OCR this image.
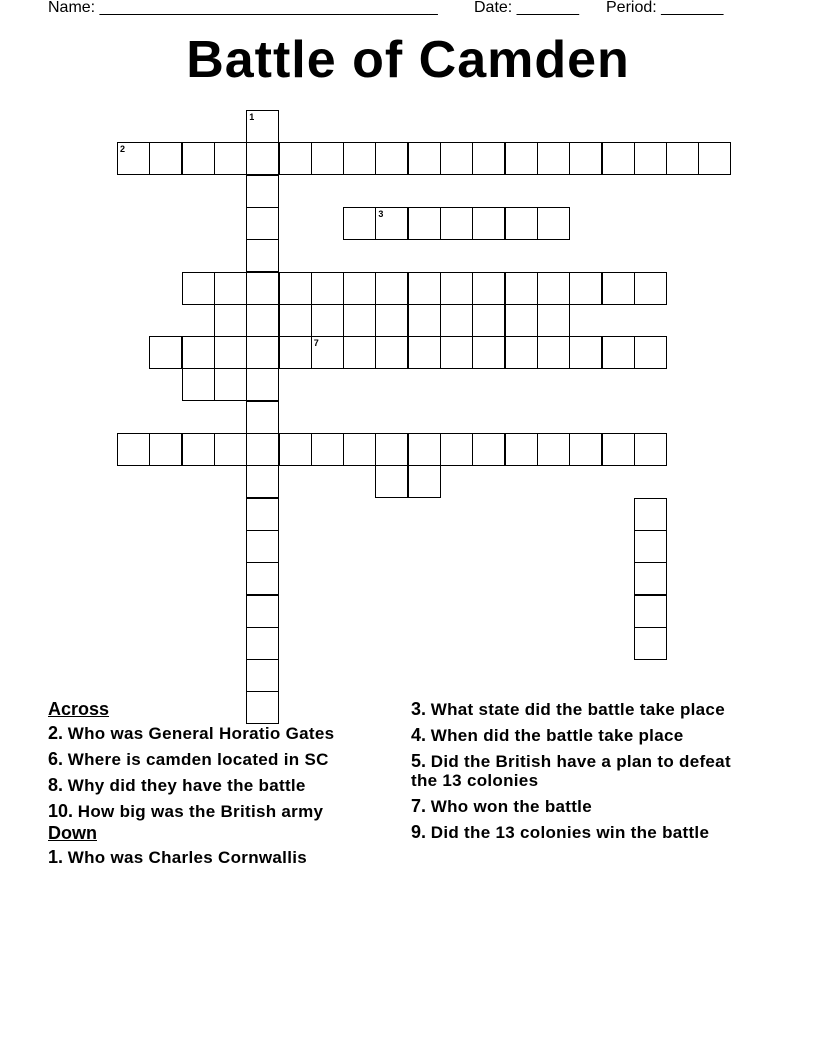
Name: ______________________________________ Date: _______ Period: _______
Battle of Camden
1
2
7
3
Across
2. Who was General Horatio Gates
6. Where is camden located in SC
8. Why did they have the battle
10. How big was the British army
Down
1. Who was Charles Cornwallis
3. What state did the battle take place
4. When did the battle take place
5. Did the British have a plan to defeat the 13 colonies
7. Who won the battle
9. Did the 13 colonies win the battle
